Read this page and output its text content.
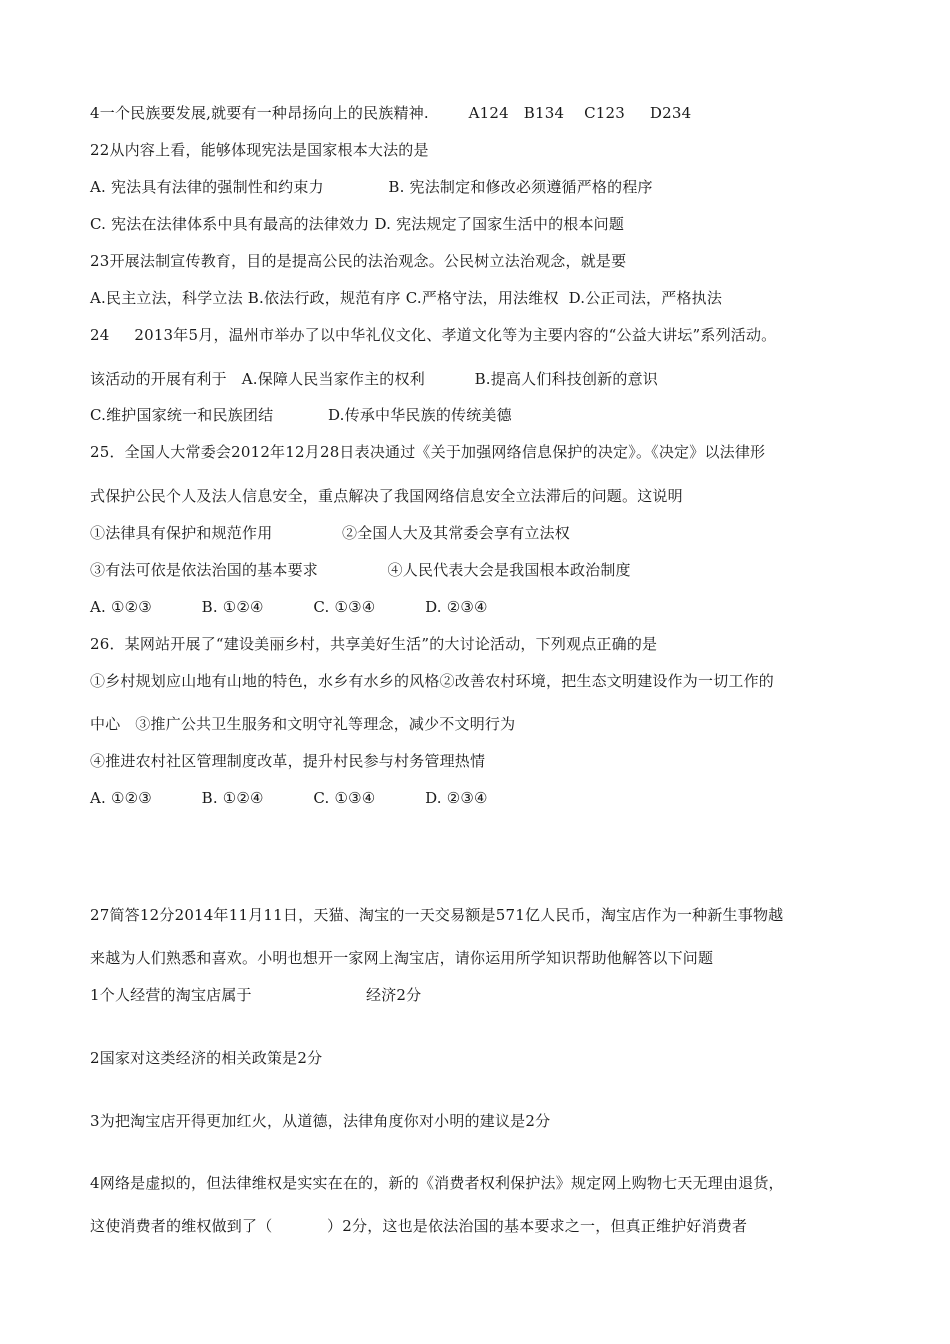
4一个民族要发展,就要有一种昂扬向上的民族精神.        A124   B134    C123     D234
22从内容上看，能够体现宪法是国家根本大法的是
A. 宪法具有法律的强制性和约束力             B. 宪法制定和修改必须遵循严格的程序
C. 宪法在法律体系中具有最高的法律效力 D. 宪法规定了国家生活中的根本问题
23开展法制宣传教育，目的是提高公民的法治观念。公民树立法治观念，就是要
A.民主立法，科学立法 B.依法行政，规范有序 C.严格守法，用法维权  D.公正司法，严格执法
24     2013年5月，温州市举办了以中华礼仪文化、孝道文化等为主要内容的“公益大讲坛”系列活动。
该活动的开展有利于   A.保障人民当家作主的权利          B.提高人们科技创新的意识
C.维护国家统一和民族团结           D.传承中华民族的传统美德
25．全国人大常委会2012年12月28日表决通过《关于加强网络信息保护的决定》。《决定》以法律形
式保护公民个人及法人信息安全，重点解决了我国网络信息安全立法滞后的问题。这说明
①法律具有保护和规范作用              ②全国人大及其常委会享有立法权
③有法可依是依法治国的基本要求              ④人民代表大会是我国根本政治制度
A. ①②③          B. ①②④          C. ①③④          D. ②③④
26．某网站开展了“建设美丽乡村，共享美好生活”的大讨论活动，下列观点正确的是
①乡村规划应山地有山地的特色，水乡有水乡的风格②改善农村环境，把生态文明建设作为一切工作的
中心   ③推广公共卫生服务和文明守礼等理念，减少不文明行为
④推进农村社区管理制度改革，提升村民参与村务管理热情
A. ①②③          B. ①②④          C. ①③④          D. ②③④
27简答12分2014年11月11日，天猫、淘宝的一天交易额是571亿人民币，淘宝店作为一种新生事物越
来越为人们熟悉和喜欢。小明也想开一家网上淘宝店，请你运用所学知识帮助他解答以下问题
1个人经营的淘宝店属于                       经济2分
2国家对这类经济的相关政策是2分
3为把淘宝店开得更加红火，从道德，法律角度你对小明的建议是2分
4网络是虚拟的，但法律维权是实实在在的，新的《消费者权利保护法》规定网上购物七天无理由退货，
这使消费者的维权做到了（           ）2分，这也是依法治国的基本要求之一，但真正维护好消费者
